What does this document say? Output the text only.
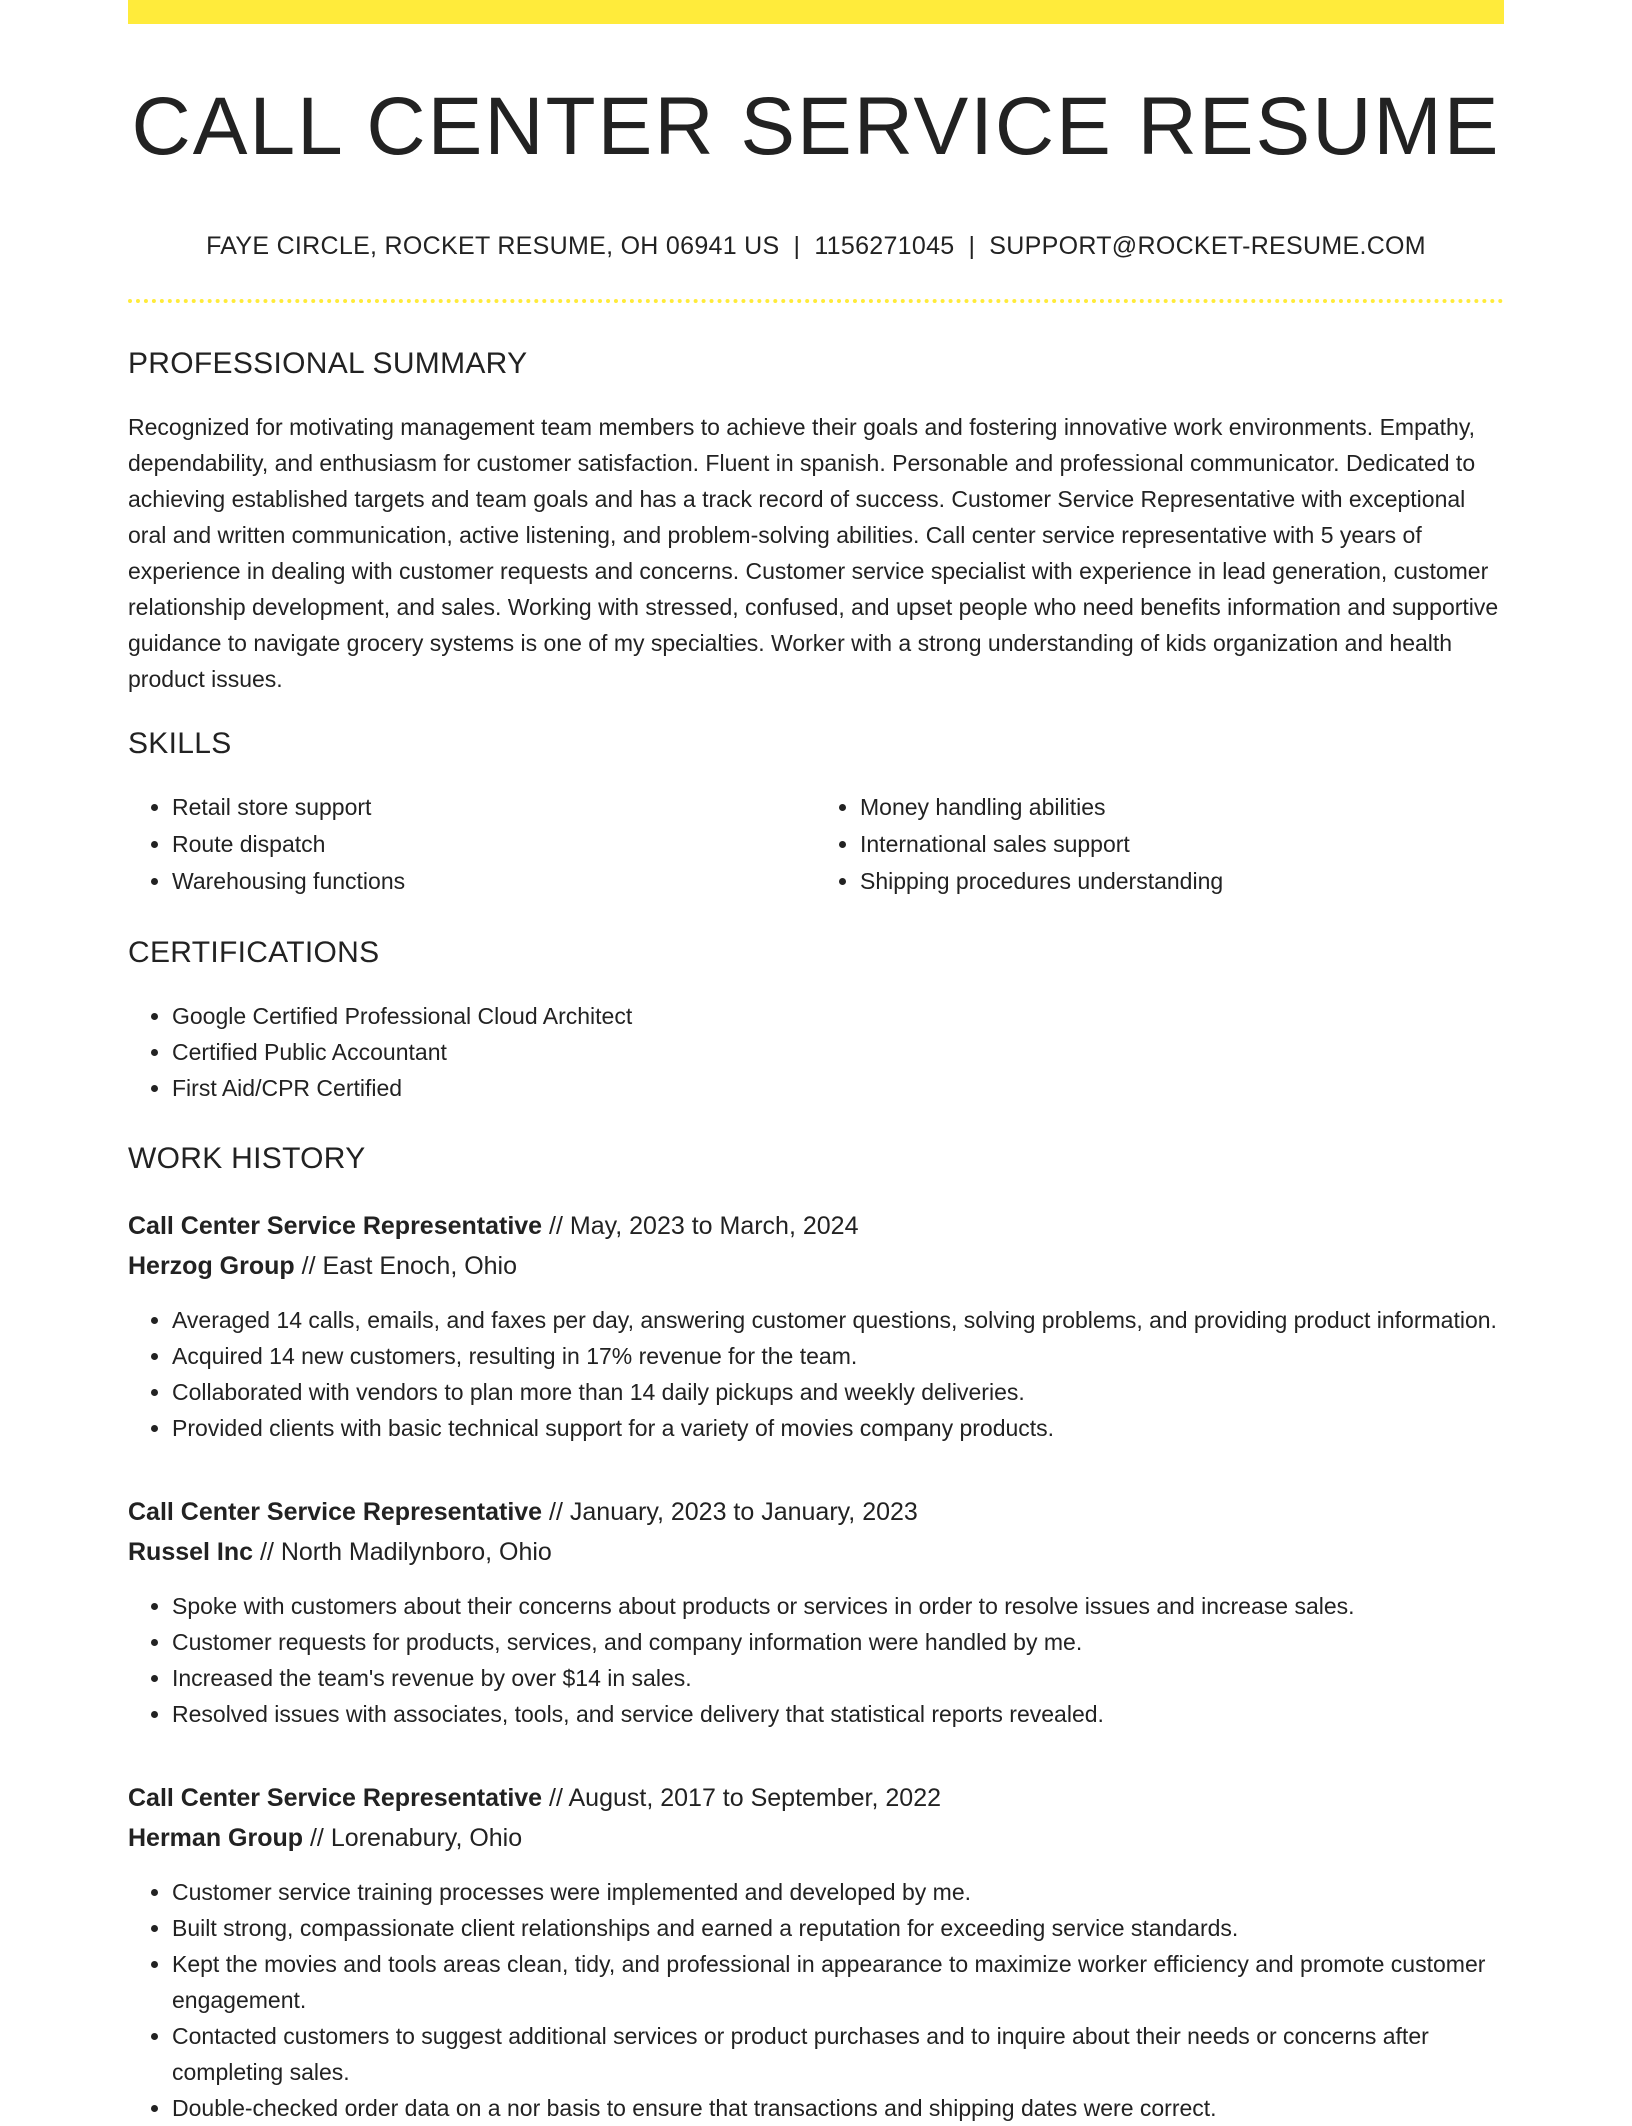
CALL CENTER SERVICE RESUME
FAYE CIRCLE, ROCKET RESUME, OH 06941 US | 1156271045 | SUPPORT@ROCKET-RESUME.COM
PROFESSIONAL SUMMARY

Recognized for motivating management team members to achieve their goals and fostering innovative work environments. Empathy, dependability, and enthusiasm for customer satisfaction. Fluent in spanish. Personable and professional communicator. Dedicated to achieving established targets and team goals and has a track record of success. Customer Service Representative with exceptional oral and written communication, active listening, and problem-solving abilities. Call center service representative with 5 years of experience in dealing with customer requests and concerns. Customer service specialist with experience in lead generation, customer relationship development, and sales. Working with stressed, confused, and upset people who need benefits information and supportive guidance to navigate grocery systems is one of my specialties. Worker with a strong understanding of kids organization and health product issues.

SKILLS
• Retail store support
• Route dispatch
• Warehousing functions
• Money handling abilities
• International sales support
• Shipping procedures understanding
CERTIFICATIONS
• Google Certified Professional Cloud Architect
• Certified Public Accountant
• First Aid/CPR Certified
WORK HISTORY
Call Center Service Representative // May, 2023 to March, 2024
Herzog Group // East Enoch, Ohio
• Averaged 14 calls, emails, and faxes per day, answering customer questions, solving problems, and providing product information.
• Acquired 14 new customers, resulting in 17% revenue for the team.
• Collaborated with vendors to plan more than 14 daily pickups and weekly deliveries.
• Provided clients with basic technical support for a variety of movies company products.
Call Center Service Representative // January, 2023 to January, 2023
Russel Inc // North Madilynboro, Ohio
• Spoke with customers about their concerns about products or services in order to resolve issues and increase sales.
• Customer requests for products, services, and company information were handled by me.
• Increased the team's revenue by over $14 in sales.
• Resolved issues with associates, tools, and service delivery that statistical reports revealed.
Call Center Service Representative // August, 2017 to September, 2022
Herman Group // Lorenabury, Ohio
• Customer service training processes were implemented and developed by me.
• Built strong, compassionate client relationships and earned a reputation for exceeding service standards.
• Kept the movies and tools areas clean, tidy, and professional in appearance to maximize worker efficiency and promote customer engagement.
• Contacted customers to suggest additional services or product purchases and to inquire about their needs or concerns after completing sales.
• Double-checked order data on a nor basis to ensure that transactions and shipping dates were correct.
